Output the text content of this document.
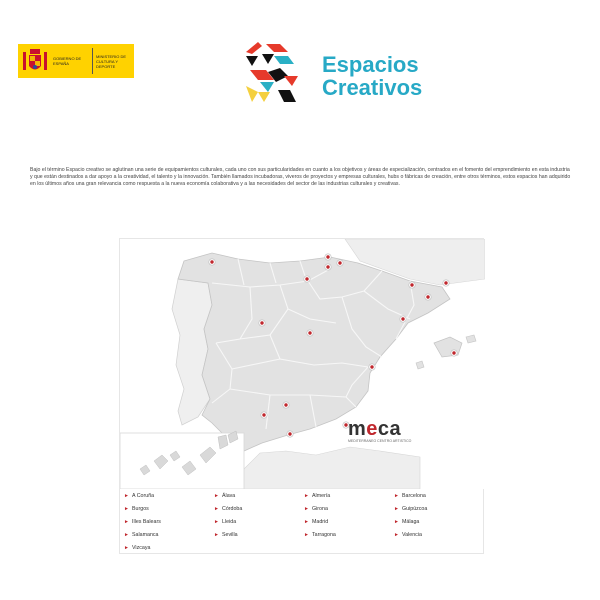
GOBIERNO DE ESPAÑA
MINISTERIO DE CULTURA Y DEPORTE	Espacios
Creativos
Bajo el término Espacio creativo se aglutinan una serie de equipamientos culturales, cada uno con sus particularidades en cuanto a los objetivos y áreas de especialización, centrados en el fomento del emprendimiento en esta industria y que están destinados a dar apoyo a la creatividad, el talento y la innovación. También llamados incubadoras, viveros de proyectos y empresas culturales, hubs o fábricas de creación, entre otros términos, estos espacios han adquirido en los últimos años una gran relevancia como respuesta a la nueva economía colaborativa y a las necesidades del sector de las industrias culturales y creativas.
meca
MEDITERRANEO CENTRO ARTISTICO
► A Coruña	► Álava	► Almería	► Barcelona
► Burgos	► Córdoba	► Girona	► Guipúzcoa
► Illes Balears	► Lleida	► Madrid	► Málaga
► Salamanca	► Sevilla	► Tarragona	► Valencia
► Vizcaya
